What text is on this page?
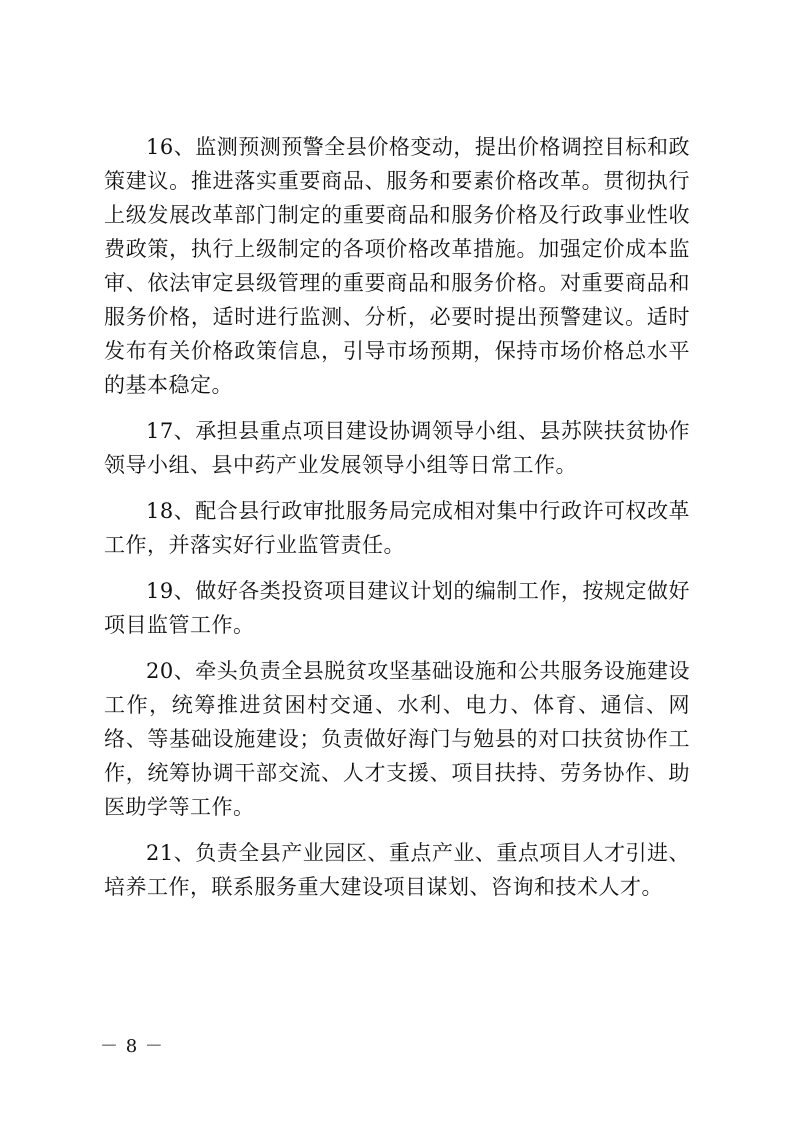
16、监测预测预警全县价格变动，提出价格调控目标和政策建议。推进落实重要商品、服务和要素价格改革。贯彻执行上级发展改革部门制定的重要商品和服务价格及行政事业性收费政策，执行上级制定的各项价格改革措施。加强定价成本监审、依法审定县级管理的重要商品和服务价格。对重要商品和服务价格，适时进行监测、分析，必要时提出预警建议。适时发布有关价格政策信息，引导市场预期，保持市场价格总水平的基本稳定。

17、承担县重点项目建设协调领导小组、县苏陕扶贫协作领导小组、县中药产业发展领导小组等日常工作。

18、配合县行政审批服务局完成相对集中行政许可权改革工作，并落实好行业监管责任。

19、做好各类投资项目建议计划的编制工作，按规定做好项目监管工作。

20、牵头负责全县脱贫攻坚基础设施和公共服务设施建设工作，统筹推进贫困村交通、水利、电力、体育、通信、网络、等基础设施建设；负责做好海门与勉县的对口扶贫协作工作，统筹协调干部交流、人才支援、项目扶持、劳务协作、助医助学等工作。

21、负责全县产业园区、重点产业、重点项目人才引进、培养工作，联系服务重大建设项目谋划、咨询和技术人才。

－ 8 －
